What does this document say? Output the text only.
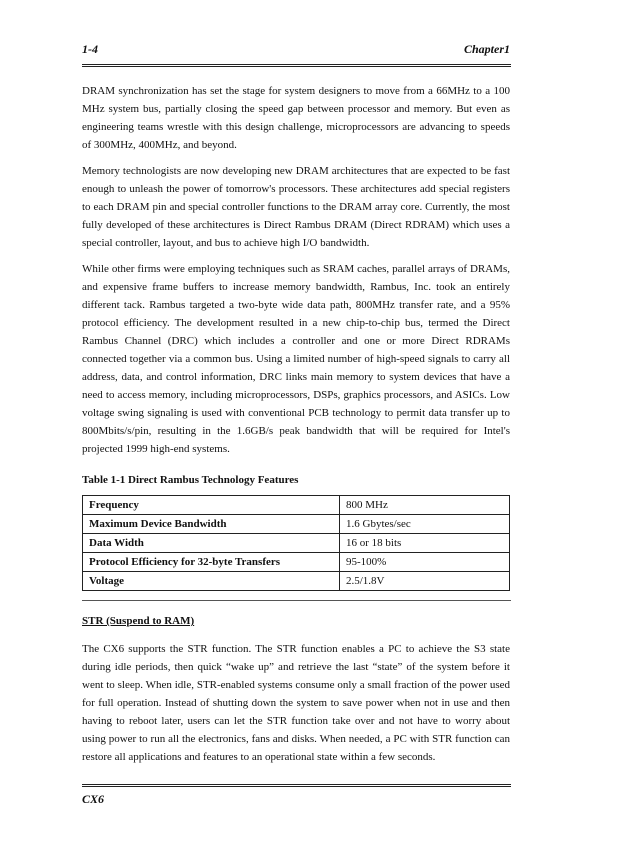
1-4	Chapter1

DRAM synchronization has set the stage for system designers to move from a 66MHz to a 100 MHz system bus, partially closing the speed gap between processor and memory. But even as engineering teams wrestle with this design challenge, microprocessors are advancing to speeds of 300MHz, 400MHz, and beyond.

Memory technologists are now developing new DRAM architectures that are expected to be fast enough to unleash the power of tomorrow's processors. These architectures add special registers to each DRAM pin and special controller functions to the DRAM array core. Currently, the most fully developed of these architectures is Direct Rambus DRAM (Direct RDRAM) which uses a special controller, layout, and bus to achieve high I/O bandwidth.

While other firms were employing techniques such as SRAM caches, parallel arrays of DRAMs, and expensive frame buffers to increase memory bandwidth, Rambus, Inc. took an entirely different tack. Rambus targeted a two-byte wide data path, 800MHz transfer rate, and a 95% protocol efficiency. The development resulted in a new chip-to-chip bus, termed the Direct Rambus Channel (DRC) which includes a controller and one or more Direct RDRAMs connected together via a common bus. Using a limited number of high-speed signals to carry all address, data, and control information, DRC links main memory to system devices that have a need to access memory, including microprocessors, DSPs, graphics processors, and ASICs. Low voltage swing signaling is used with conventional PCB technology to permit data transfer up to 800Mbits/s/pin, resulting in the 1.6GB/s peak bandwidth that will be required for Intel's projected 1999 high-end systems.

Table 1-1 Direct Rambus Technology Features
Frequency	800 MHz
Maximum Device Bandwidth	1.6 Gbytes/sec
Data Width	16 or 18 bits
Protocol Efficiency for 32-byte Transfers	95-100%
Voltage	2.5/1.8V
STR (Suspend to RAM)

The CX6 supports the STR function. The STR function enables a PC to achieve the S3 state during idle periods, then quick “wake up” and retrieve the last “state” of the system before it went to sleep. When idle, STR-enabled systems consume only a small fraction of the power used for full operation. Instead of shutting down the system to save power when not in use and then having to reboot later, users can let the STR function take over and not have to worry about using power to run all the electronics, fans and disks. When needed, a PC with STR function can restore all applications and features to an operational state within a few seconds.

CX6
